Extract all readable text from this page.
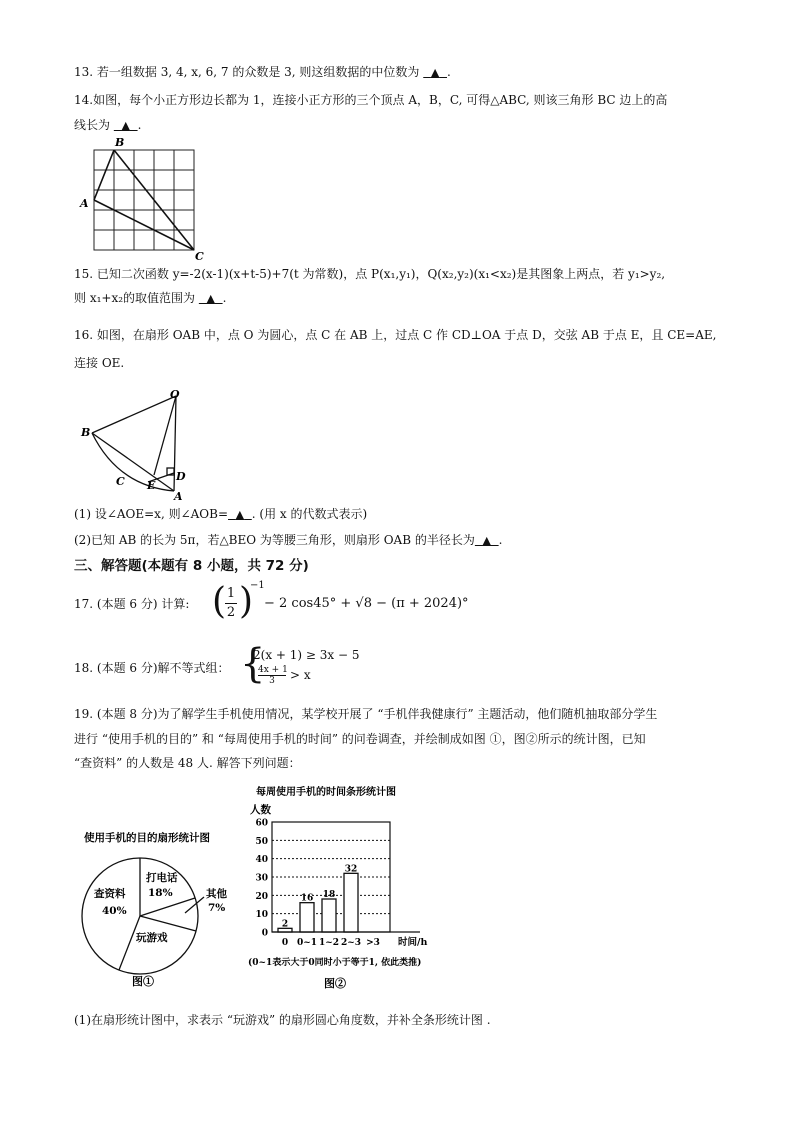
13. 若一组数据 3, 4, x, 6, 7 的众数是 3, 则这组数据的中位数为   ▲ .
14.如图，每个小正方形边长都为 1，连接小正方形的三个顶点 A，B，C, 可得△ABC, 则该三角形 BC 边上的高
线长为   ▲ .
B
A
C
15. 已知二次函数 y=-2(x-1)(x+t-5)+7(t 为常数)，点 P(x₁,y₁)，Q(x₂,y₂)(x₁<x₂)是其图象上两点，若 y₁>y₂,
则 x₁+x₂的取值范围为   ▲ .
16. 如图，在扇形 OAB 中，点 O 为圆心，点 C 在 AB 上，过点 C 作 CD⊥OA 于点 D，交弦 AB 于点 E，且 CE=AE,
连接 OE.
O
B
C E
D
A
(1) 设∠AOE=x, 则∠AOB= ▲ . (用 x 的代数式表示)
(2)已知 AB 的长为 5π，若△BEO 为等腰三角形，则扇形 OAB 的半径长为 ▲ .
三、解答题(本题有 8 小题，共 72 分)
17. (本题 6 分) 计算: ( 1
2 )
−1
− 2 cos45° + √8 − (π + 2024)°
18. (本题 6 分)解不等式组： {
2(x + 1) ≥ 3x − 5
4x + 1
3	> x
19. (本题 8 分)为了解学生手机使用情况，某学校开展了 “手机伴我健康行” 主题活动，他们随机抽取部分学生
进行 “使用手机的目的” 和 “每周使用手机的时间” 的问卷调查，并绘制成如图 ①，图②所示的统计图，已知
“查资料” 的人数是 48 人. 解答下列问题：
使用手机的目的扇形统计图
查资料
40%
打电话
18%	其他
7%
玩游戏
图①
每周使用手机的时间条形统计图
人数
0
10
20
30
40
50
60
0
2
0~1
16
1~2
18
2~3
32
>3 时间/h
(0~1表示大于0同时小于等于1, 依此类推)
图②
(1)在扇形统计图中，求表示 “玩游戏” 的扇形圆心角度数，并补全条形统计图 .
